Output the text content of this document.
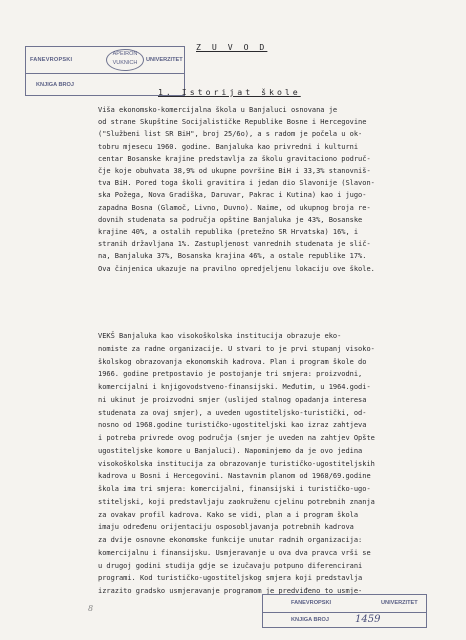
FANEVROPSKI
APEIRON VUKNICH	UNIVERZITET
KNJIGA BROJ
Z U V O D
1. Istorijat škole
Viša ekonomsko-komercijalna škola u Banjaluci osnovana je
od strane Skupštine Socijalističke Republike Bosne i Hercegovine
("Službeni list SR BiH", broj 25/6o), a s radom je počela u ok-
tobru mjesecu 1960. godine. Banjaluka kao privredni i kulturni
centar Bosanske krajine predstavlja za školu gravitaciono područ-
čje koje obuhvata 38,9% od ukupne površine BiH i 33,3% stanovniš-
tva BiH. Pored toga školi gravitira i jedan dio Slavonije (Slavon-
ska Požega, Nova Gradiška, Daruvar, Pakrac i Kutina) kao i jugo-
zapadna Bosna (Glamoč, Livno, Duvno). Naime, od ukupnog broja re-
dovnih studenata sa područja opštine Banjaluka je 43%, Bosanske
krajine 40%, a ostalih republika (pretežno SR Hrvatska) 16%, i
stranih državljana 1%. Zastupljenost vanrednih studenata je slič-
na, Banjaluka 37%, Bosanska krajina 46%, a ostale republike 17%.
Ova činjenica ukazuje na pravilno opredjeljenu lokaciju ove škole.
VEKŠ Banjaluka kao visokoškolska institucija obrazuje eko-
nomiste za radne organizacije. U stvari to je prvi stupanj visoko-
školskog obrazovanja ekonomskih kadrova. Plan i program škole do
1966. godine pretpostavio je postojanje tri smjera: proizvodni,
komercijalni i knjigovodstveno-finansijski. Međutim, u 1964.godi-
ni ukinut je proizvodni smjer (uslijed stalnog opadanja interesa
studenata za ovaj smjer), a uveden ugostiteljsko-turistički, od-
nosno od 1968.godine turističko-ugostiteljski kao izraz zahtjeva
i potreba privrede ovog područja (smjer je uveden na zahtjev Opšte
ugostiteljske komore u Banjaluci). Napominjemo da je ovo jedina
visokoškolska institucija za obrazovanje turističko-ugostiteljskih
kadrova u Bosni i Hercegovini. Nastavnim planom od 1968/69.godine
škola ima tri smjera: komercijalni, finansijski i turističko-ugo-
stiteljski, koji predstavljaju zaokruženu cjelinu potrebnih znanja
za ovakav profil kadrova. Kako se vidi, plan a i program škola
imaju određenu orijentaciju osposobljavanja potrebnih kadrova
za dvije osnovne ekonomske funkcije unutar radnih organizacija:
komercijalnu i finansijsku. Usmjeravanje u ova dva pravca vrši se
u drugoj godini studija gdje se izučavaju potpuno diferencirani
programi. Kod turističko-ugostiteljskog smjera koji predstavlja
izrazito gradsko usmjeravanje programom je predviđeno to usmje-
8
FANEVROPSKI	UNIVERZITET
KNJIGA BROJ	1459
